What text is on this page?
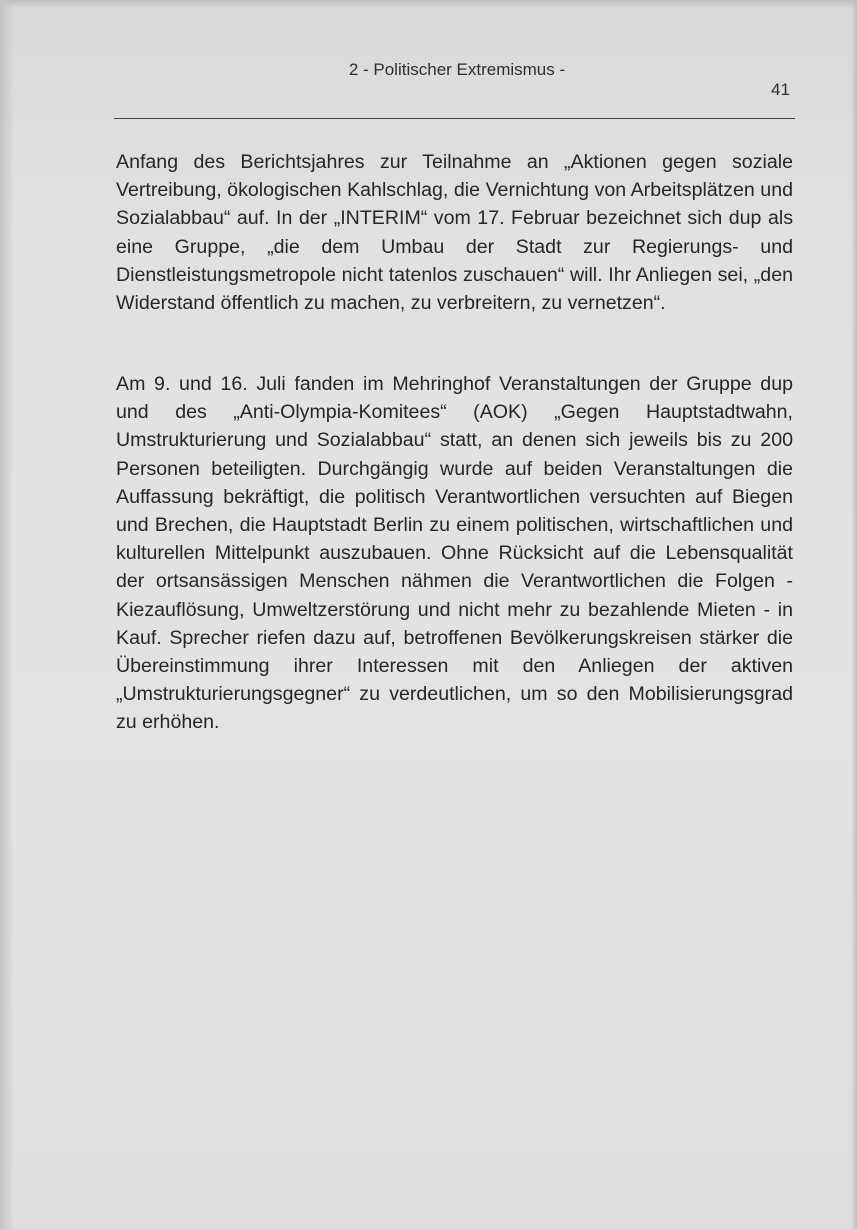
2 - Politischer Extremismus -
41

Anfang des Berichtsjahres zur Teilnahme an „Aktionen gegen soziale Vertreibung, ökologischen Kahlschlag, die Vernichtung von Arbeitsplätzen und Sozialabbau“ auf. In der „INTERIM“ vom 17. Februar bezeichnet sich dup als eine Gruppe, „die dem Umbau der Stadt zur Regierungs- und Dienstleistungsmetropole nicht tatenlos zuschauen“ will. Ihr Anliegen sei, „den Widerstand öffentlich zu machen, zu verbreitern, zu vernetzen“.

Am 9. und 16. Juli fanden im Mehringhof Veranstaltungen der Gruppe dup und des „Anti-Olympia-Komitees“ (AOK) „Gegen Hauptstadtwahn, Umstrukturierung und Sozialabbau“ statt, an denen sich jeweils bis zu 200 Personen beteiligten. Durchgängig wurde auf beiden Veranstaltungen die Auffassung bekräftigt, die politisch Verantwortlichen versuchten auf Biegen und Brechen, die Hauptstadt Berlin zu einem politischen, wirtschaftlichen und kulturellen Mittelpunkt auszubauen. Ohne Rücksicht auf die Lebensqualität der ortsansässigen Menschen nähmen die Verantwortlichen die Folgen - Kiezauflösung, Umweltzerstörung und nicht mehr zu bezahlende Mieten - in Kauf. Sprecher riefen dazu auf, betroffenen Bevölkerungskreisen stärker die Übereinstimmung ihrer Interessen mit den Anliegen der aktiven „Umstrukturierungsgegner“ zu verdeutlichen, um so den Mobilisierungsgrad zu erhöhen.
